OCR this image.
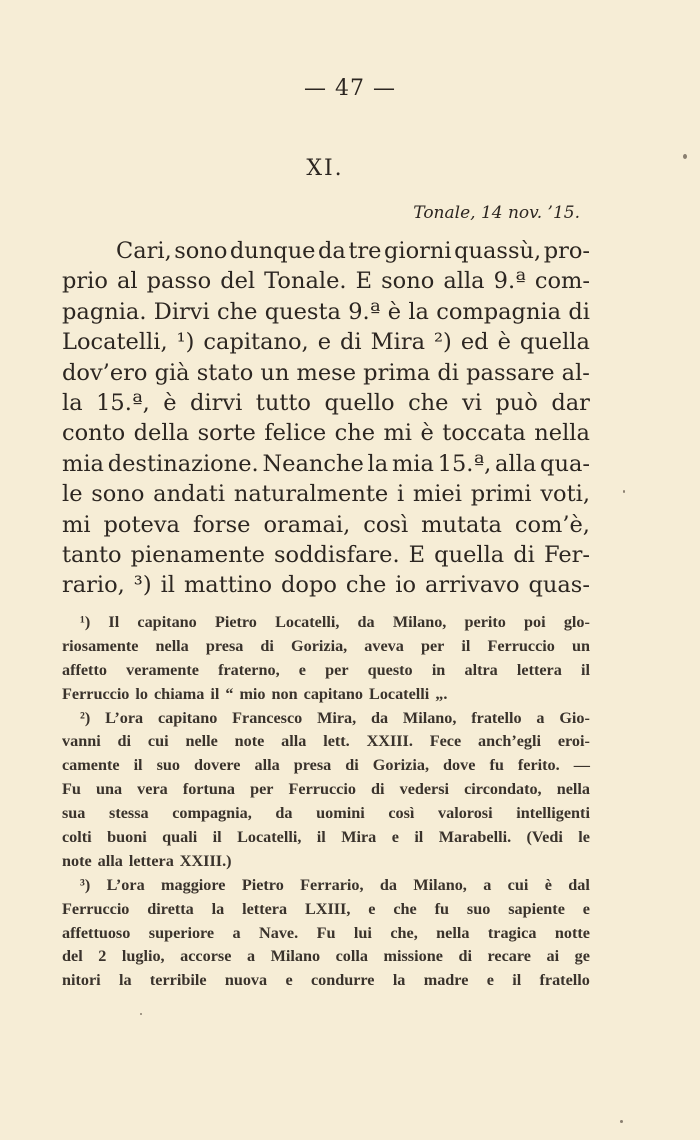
— 47 —
XI.
Tonale, 14 nov. ’15.
Cari, sono dunque da tre giorni quassù, pro-
prio al passo del Tonale. E sono alla 9.ª com-
pagnia. Dirvi che questa 9.ª è la compagnia di
Locatelli, ¹) capitano, e di Mira ²) ed è quella
dov’ero già stato un mese prima di passare al-
la 15.ª, è dirvi tutto quello che vi può dar
conto della sorte felice che mi è toccata nella
mia destinazione. Neanche la mia 15.ª, alla qua-
le sono andati naturalmente i miei primi voti,
mi poteva forse oramai, così mutata com’è,
tanto pienamente soddisfare. E quella di Fer-
rario, ³) il mattino dopo che io arrivavo quas-
¹) Il capitano Pietro Locatelli, da Milano, perito poi glo-
riosamente nella presa di Gorizia, aveva per il Ferruccio un
affetto veramente fraterno, e per questo in altra lettera il
Ferruccio lo chiama il “ mio non capitano Locatelli „.
²) L’ora capitano Francesco Mira, da Milano, fratello a Gio-
vanni di cui nelle note alla lett. XXIII. Fece anch’egli eroi-
camente il suo dovere alla presa di Gorizia, dove fu ferito. —
Fu una vera fortuna per Ferruccio di vedersi circondato, nella
sua stessa compagnia, da uomini così valorosi intelligenti
colti buoni quali il Locatelli, il Mira e il Marabelli. (Vedi le
note alla lettera XXIII.)
³) L’ora maggiore Pietro Ferrario, da Milano, a cui è dal
Ferruccio diretta la lettera LXIII, e che fu suo sapiente e
affettuoso superiore a Nave. Fu lui che, nella tragica notte
del 2 luglio, accorse a Milano colla missione di recare ai ge
nitori la terribile nuova e condurre la madre e il fratello
